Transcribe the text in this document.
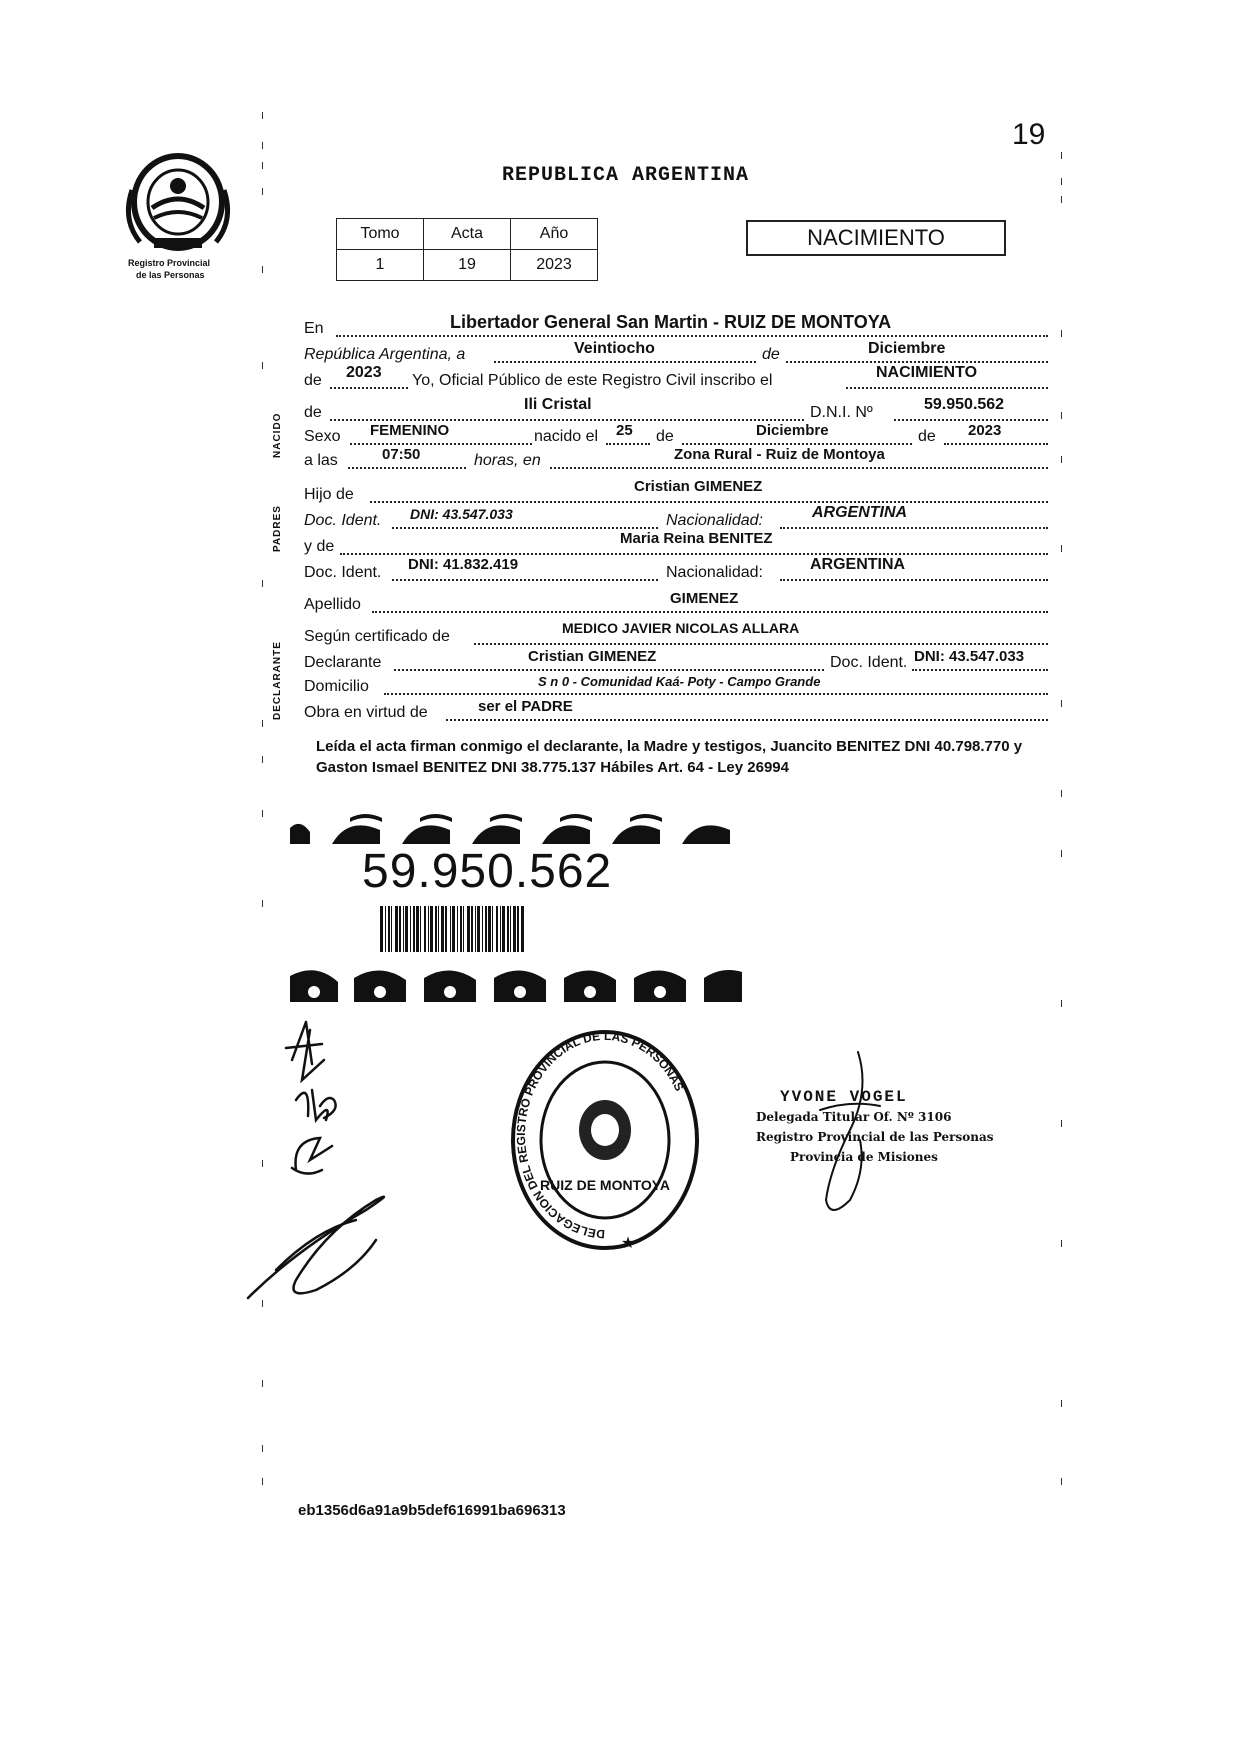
19
Registro Provincial
de las Personas
REPUBLICA ARGENTINA
Tomo	Acta	Año
1	19	2023
NACIMIENTO
NACIDO
PADRES
DECLARANTE
En	Libertador General San Martin - RUIZ DE MONTOYA
República Argentina, a	Veintiocho	de	Diciembre
de 2023 Yo, Oficial Público de este Registro Civil inscribo el	NACIMIENTO
de	Ili Cristal	D.N.I. Nº	59.950.562
Sexo FEMENINO	nacido el 25 de	Diciembre	de 2023
a las	07:50	horas, en	Zona Rural - Ruiz de Montoya
Hijo de	Cristian GIMENEZ
Doc. Ident. DNI: 43.547.033	Nacionalidad:	ARGENTINA
y de	Maria Reina BENITEZ
Doc. Ident. DNI: 41.832.419	Nacionalidad:	ARGENTINA
Apellido	GIMENEZ
Según certificado de	MEDICO JAVIER NICOLAS ALLARA
Declarante	Cristian GIMENEZ	Doc. Ident. DNI: 43.547.033
Domicilio	S n 0 - Comunidad Kaá- Poty - Campo Grande
Obra en virtud de	ser el PADRE
Leída el acta firman conmigo el declarante, la Madre y testigos, Juancito BENITEZ DNI 40.798.770 y Gaston Ismael BENITEZ DNI 38.775.137 Hábiles Art. 64 - Ley 26994
59.950.562
DELEGACION DEL REGISTRO PROVINCIAL DE LAS PERSONAS
RUIZ DE MONTOYA
★
YVONE VOGEL
Delegada Titular Of. Nº 3106
Registro Provincial de las Personas
Provincia de Misiones
eb1356d6a91a9b5def616991ba696313
